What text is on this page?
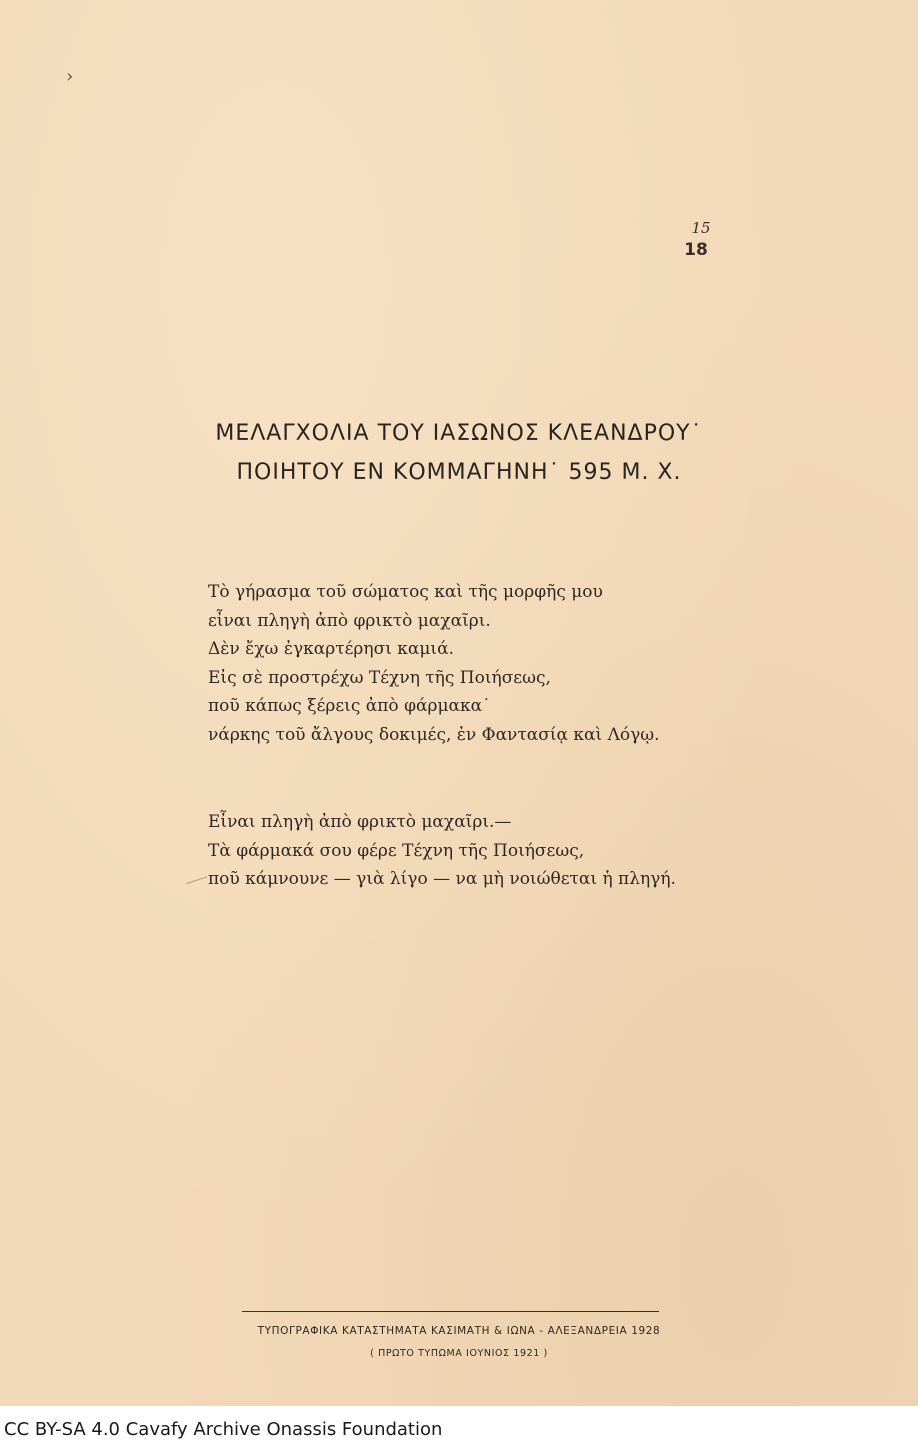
›
15
18
ΜΕΛΑΓΧΟΛΙΑ ΤΟΥ ΙΑΣΩΝΟΣ ΚΛΕΑΝΔΡΟΥ˙
ΠΟΙΗΤΟΥ ΕΝ ΚΟΜΜΑΓΗΝΗ˙ 595 Μ. Χ.
Τὸ γήρασμα τοῦ σώματος καὶ τῆς μορφῆς μου
εἶναι πληγὴ ἀπὸ φρικτὸ μαχαῖρι.
Δὲν ἔχω ἐγκαρτέρησι καμιά.
Εἰς σὲ προστρέχω Τέχνη τῆς Ποιήσεως,
ποῦ κάπως ξέρεις ἀπὸ φάρμακα˙
νάρκης τοῦ ἄλγους δοκιμές, ἐν Φαντασίᾳ καὶ Λόγῳ.
Εἶναι πληγὴ ἀπὸ φρικτὸ μαχαῖρι.—
Τὰ φάρμακά σου φέρε Τέχνη τῆς Ποιήσεως,
ποῦ κάμνουνε — γιὰ λίγο — να μὴ νοιώθεται ἡ πληγή.
ΤΥΠΟΓΡΑΦΙΚΑ ΚΑΤΑΣΤΗΜΑΤΑ ΚΑΣΙΜΑΤΗ & ΙΩΝΑ - ΑΛΕΞΑΝΔΡΕΙΑ 1928
( ΠΡΩΤΟ ΤΥΠΩΜΑ ΙΟΥΝΙΟΣ 1921 )
CC BY-SA 4.0 Cavafy Archive Onassis Foundation
